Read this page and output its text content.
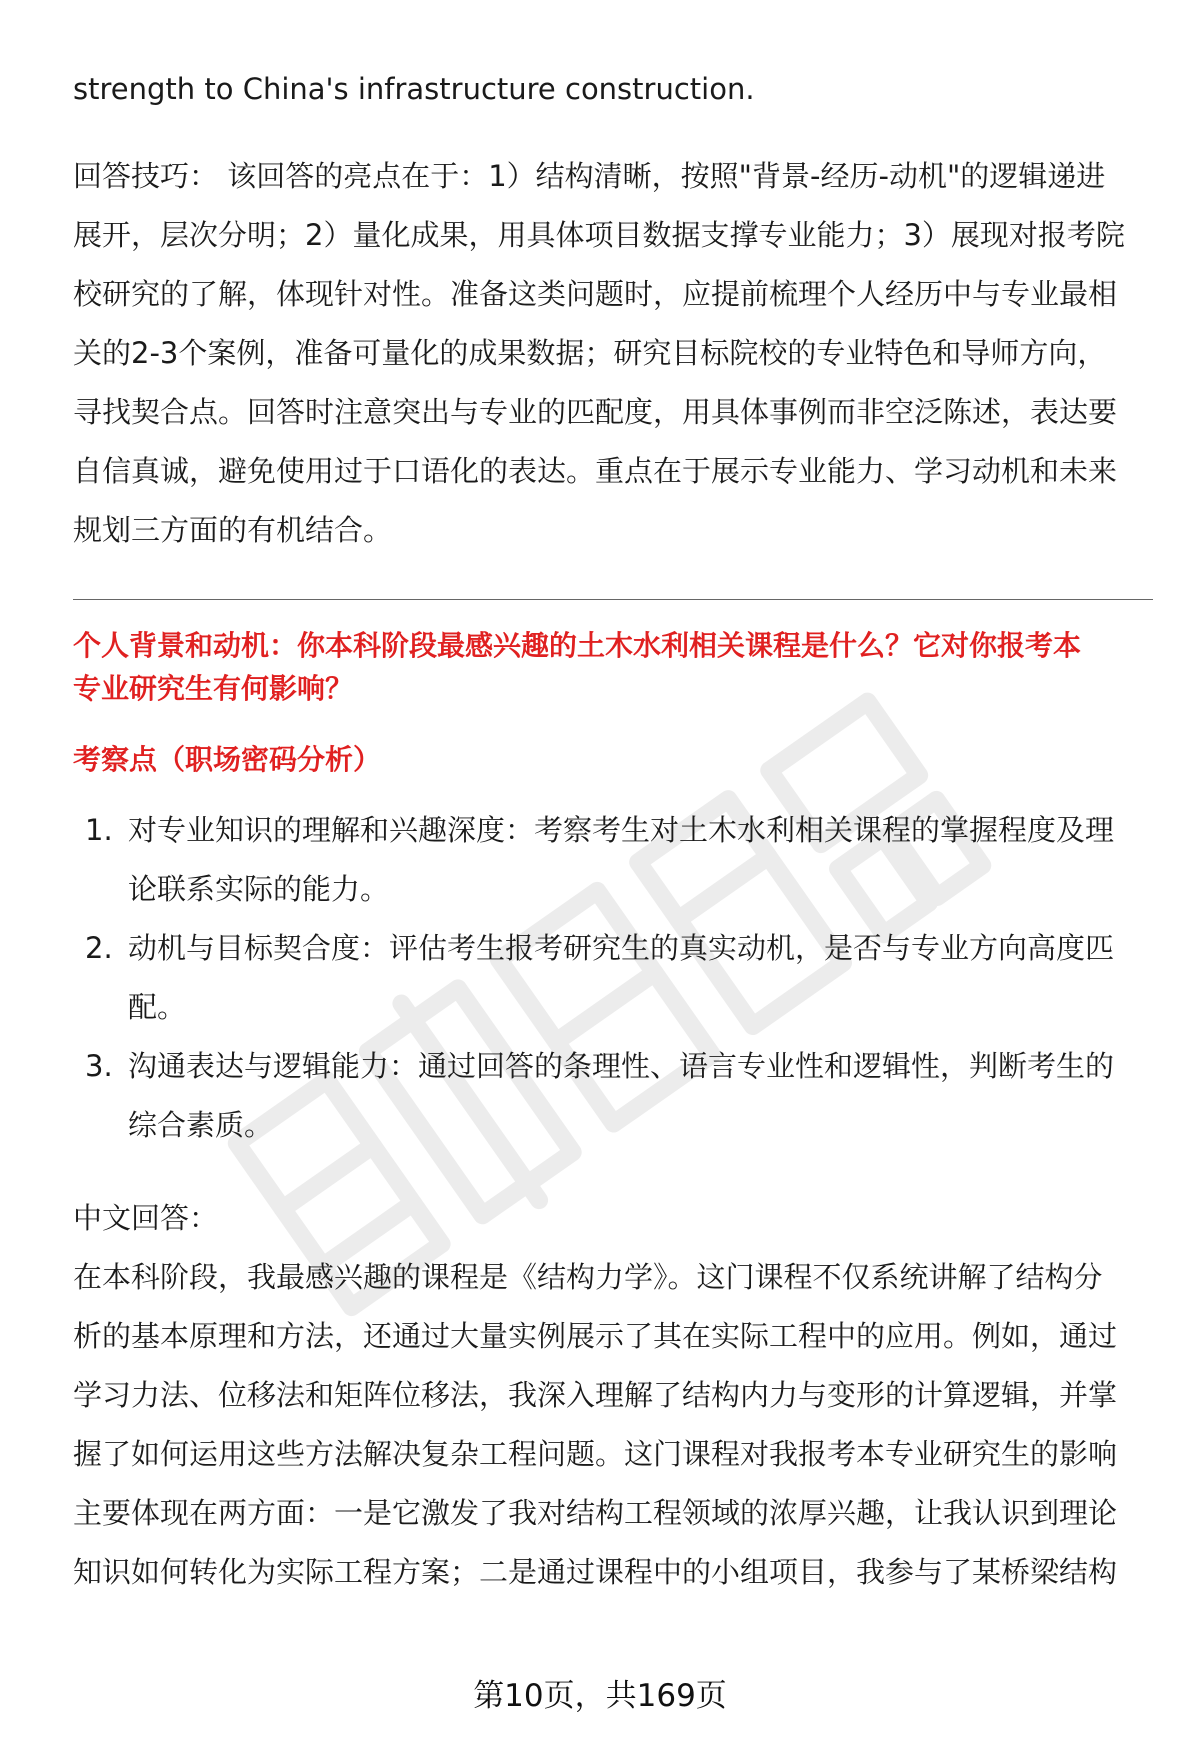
strength to China's infrastructure construction.

回答技巧： 该回答的亮点在于：1）结构清晰，按照"背景-经历-动机"的逻辑递进

展开，层次分明；2）量化成果，用具体项目数据支撑专业能力；3）展现对报考院

校研究的了解，体现针对性。准备这类问题时，应提前梳理个人经历中与专业最相

关的2-3个案例，准备可量化的成果数据；研究目标院校的专业特色和导师方向，

寻找契合点。回答时注意突出与专业的匹配度，用具体事例而非空泛陈述，表达要

自信真诚，避免使用过于口语化的表达。重点在于展示专业能力、学习动机和未来

规划三方面的有机结合。

个人背景和动机：你本科阶段最感兴趣的土木水利相关课程是什么？它对你报考本

专业研究生有何影响？

考察点（职场密码分析）

1. 对专业知识的理解和兴趣深度：考察考生对土木水利相关课程的掌握程度及理
论联系实际的能力。
2. 动机与目标契合度：评估考生报考研究生的真实动机，是否与专业方向高度匹
配。
3. 沟通表达与逻辑能力：通过回答的条理性、语言专业性和逻辑性，判断考生的
综合素质。

中文回答：

在本科阶段，我最感兴趣的课程是《结构力学》。这门课程不仅系统讲解了结构分

析的基本原理和方法，还通过大量实例展示了其在实际工程中的应用。例如，通过

学习力法、位移法和矩阵位移法，我深入理解了结构内力与变形的计算逻辑，并掌

握了如何运用这些方法解决复杂工程问题。这门课程对我报考本专业研究生的影响

主要体现在两方面：一是它激发了我对结构工程领域的浓厚兴趣，让我认识到理论

知识如何转化为实际工程方案；二是通过课程中的小组项目，我参与了某桥梁结构

第10页，共169页
